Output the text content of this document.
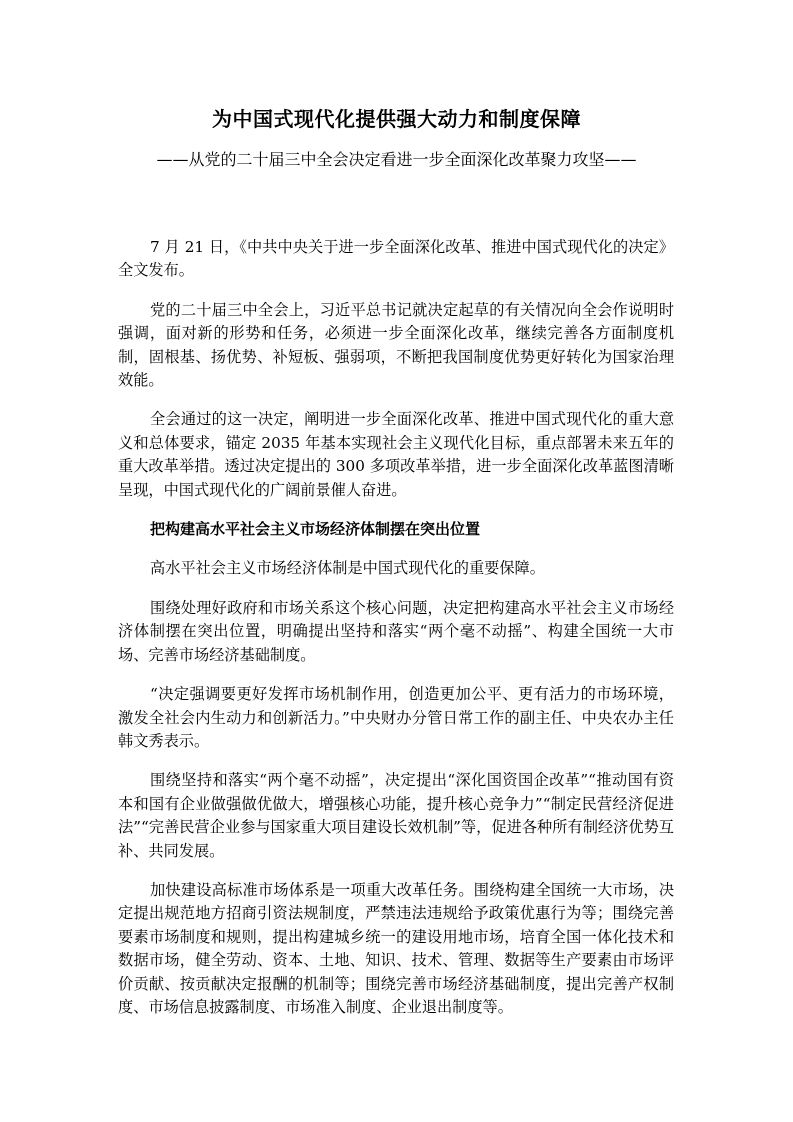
为中国式现代化提供强大动力和制度保障
——从党的二十届三中全会决定看进一步全面深化改革聚力攻坚——

7 月 21 日，《中共中央关于进一步全面深化改革、推进中国式现代化的决定》全文发布。

党的二十届三中全会上，习近平总书记就决定起草的有关情况向全会作说明时强调，面对新的形势和任务，必须进一步全面深化改革，继续完善各方面制度机制，固根基、扬优势、补短板、强弱项，不断把我国制度优势更好转化为国家治理效能。

全会通过的这一决定，阐明进一步全面深化改革、推进中国式现代化的重大意义和总体要求，锚定 2035 年基本实现社会主义现代化目标，重点部署未来五年的重大改革举措。透过决定提出的 300 多项改革举措，进一步全面深化改革蓝图清晰呈现，中国式现代化的广阔前景催人奋进。

把构建高水平社会主义市场经济体制摆在突出位置

高水平社会主义市场经济体制是中国式现代化的重要保障。

围绕处理好政府和市场关系这个核心问题，决定把构建高水平社会主义市场经济体制摆在突出位置，明确提出坚持和落实“两个毫不动摇”、构建全国统一大市场、完善市场经济基础制度。

“决定强调要更好发挥市场机制作用，创造更加公平、更有活力的市场环境，激发全社会内生动力和创新活力。”中央财办分管日常工作的副主任、中央农办主任韩文秀表示。

围绕坚持和落实“两个毫不动摇”，决定提出“深化国资国企改革”“推动国有资本和国有企业做强做优做大，增强核心功能，提升核心竞争力”“制定民营经济促进法”“完善民营企业参与国家重大项目建设长效机制”等，促进各种所有制经济优势互补、共同发展。

加快建设高标准市场体系是一项重大改革任务。围绕构建全国统一大市场，决定提出规范地方招商引资法规制度，严禁违法违规给予政策优惠行为等；围绕完善要素市场制度和规则，提出构建城乡统一的建设用地市场，培育全国一体化技术和数据市场，健全劳动、资本、土地、知识、技术、管理、数据等生产要素由市场评价贡献、按贡献决定报酬的机制等；围绕完善市场经济基础制度，提出完善产权制度、市场信息披露制度、市场准入制度、企业退出制度等。
